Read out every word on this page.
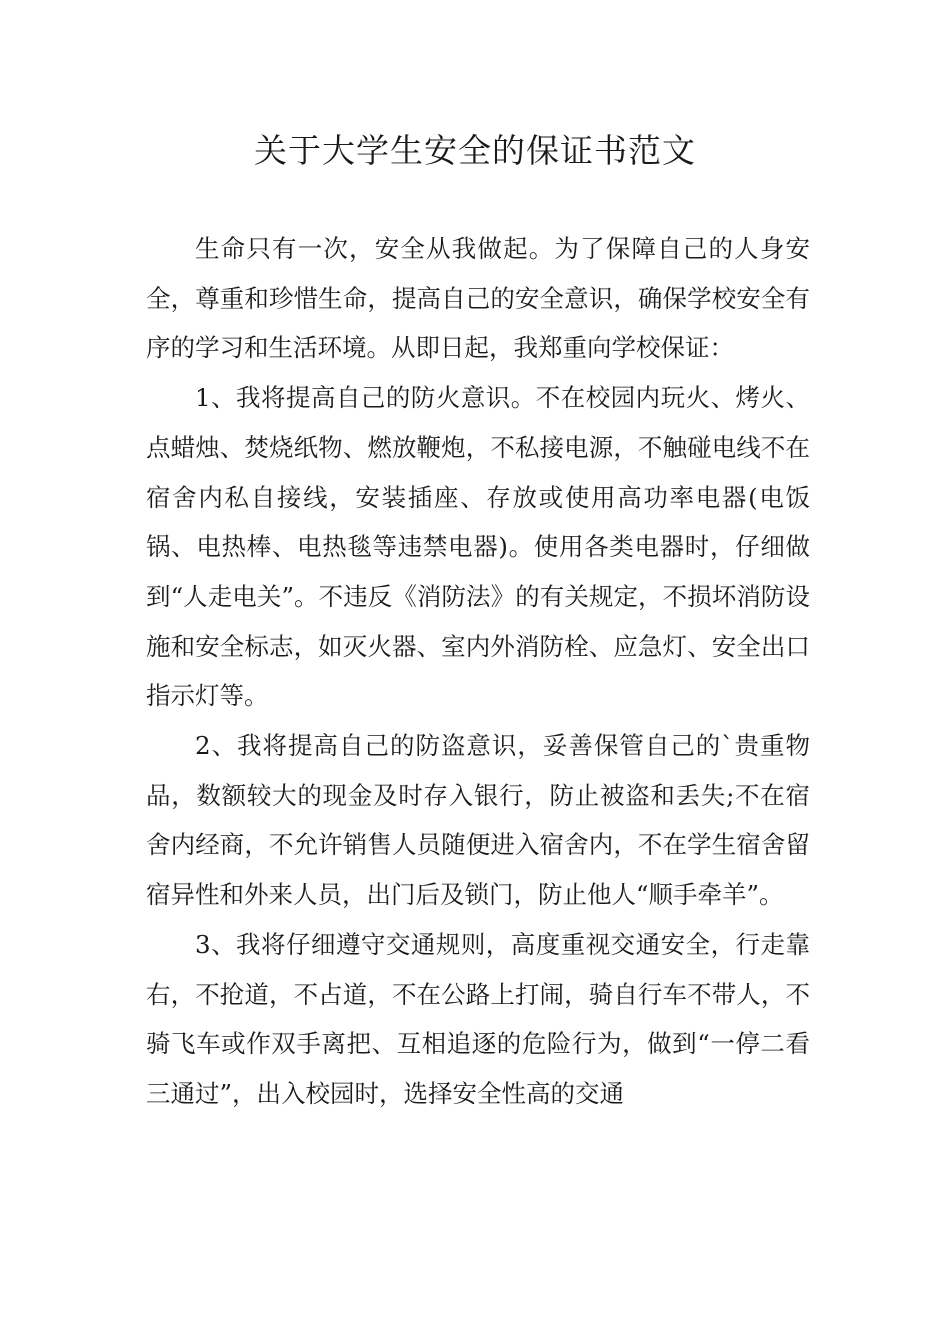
关于大学生安全的保证书范文

生命只有一次，安全从我做起。为了保障自己的人身安全，尊重和珍惜生命，提高自己的安全意识，确保学校安全有序的学习和生活环境。从即日起，我郑重向学校保证：

1、我将提高自己的防火意识。不在校园内玩火、烤火、点蜡烛、焚烧纸物、燃放鞭炮，不私接电源，不触碰电线不在宿舍内私自接线，安装插座、存放或使用高功率电器(电饭锅、电热棒、电热毯等违禁电器)。使用各类电器时，仔细做到“人走电关”。不违反《消防法》的有关规定，不损坏消防设施和安全标志，如灭火器、室内外消防栓、应急灯、安全出口指示灯等。

2、我将提高自己的防盗意识，妥善保管自己的`贵重物品，数额较大的现金及时存入银行，防止被盗和丢失;不在宿舍内经商，不允许销售人员随便进入宿舍内，不在学生宿舍留宿异性和外来人员，出门后及锁门，防止他人“顺手牵羊”。

3、我将仔细遵守交通规则，高度重视交通安全，行走靠右，不抢道，不占道，不在公路上打闹，骑自行车不带人，不骑飞车或作双手离把、互相追逐的危险行为，做到“一停二看三通过”，出入校园时，选择安全性高的交通
